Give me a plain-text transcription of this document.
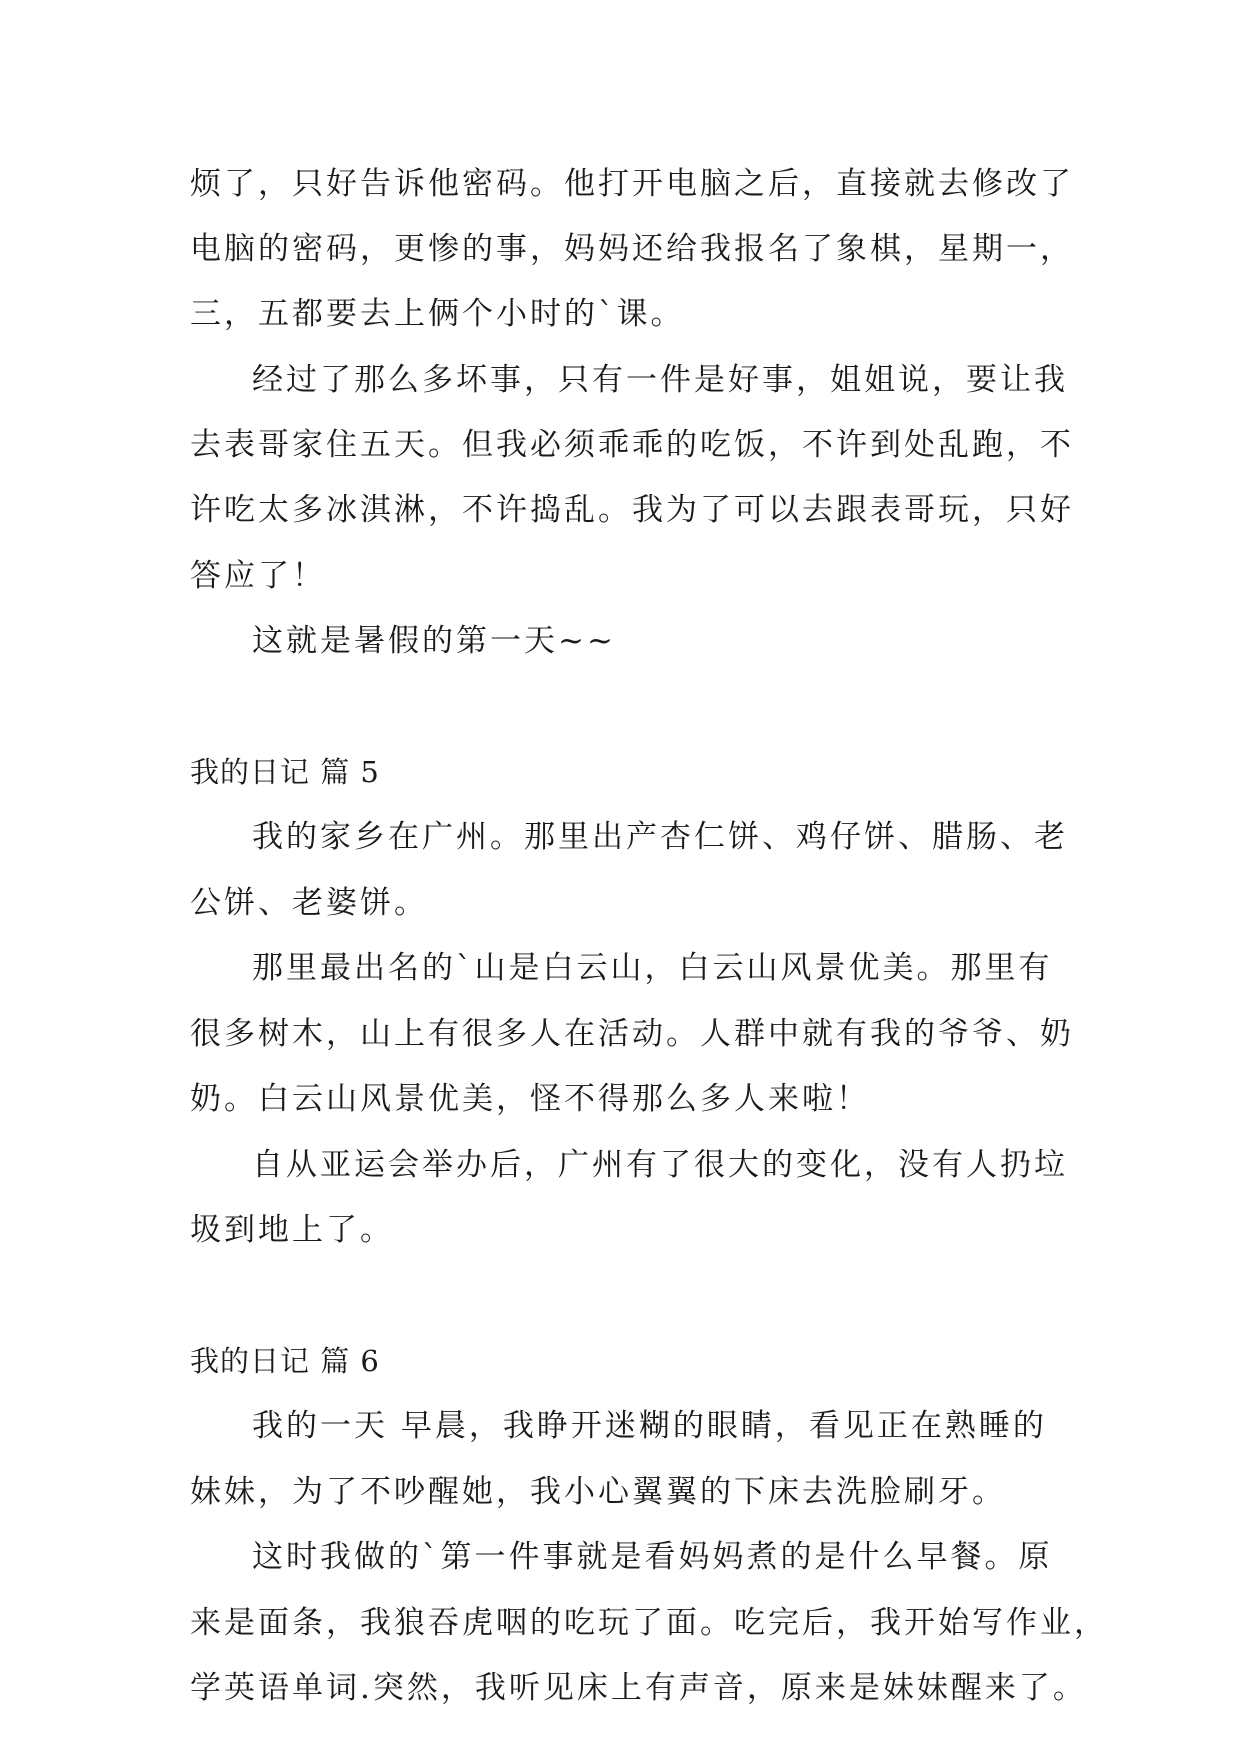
烦了，只好告诉他密码。他打开电脑之后，直接就去修改了
电脑的密码，更惨的事，妈妈还给我报名了象棋，星期一，
三，五都要去上俩个小时的`课。
经过了那么多坏事，只有一件是好事，姐姐说，要让我
去表哥家住五天。但我必须乖乖的吃饭，不许到处乱跑，不
许吃太多冰淇淋，不许捣乱。我为了可以去跟表哥玩，只好
答应了！
这就是暑假的第一天~~
我的日记 篇 5
我的家乡在广州。那里出产杏仁饼、鸡仔饼、腊肠、老
公饼、老婆饼。
那里最出名的`山是白云山，白云山风景优美。那里有
很多树木，山上有很多人在活动。人群中就有我的爷爷、奶
奶。白云山风景优美，怪不得那么多人来啦！
自从亚运会举办后，广州有了很大的变化，没有人扔垃
圾到地上了。
我的日记 篇 6
我的一天 早晨，我睁开迷糊的眼睛，看见正在熟睡的
妹妹，为了不吵醒她，我小心翼翼的下床去洗脸刷牙。
这时我做的`第一件事就是看妈妈煮的是什么早餐。原
来是面条，我狼吞虎咽的吃玩了面。吃完后，我开始写作业，
学英语单词.突然，我听见床上有声音，原来是妹妹醒来了。
